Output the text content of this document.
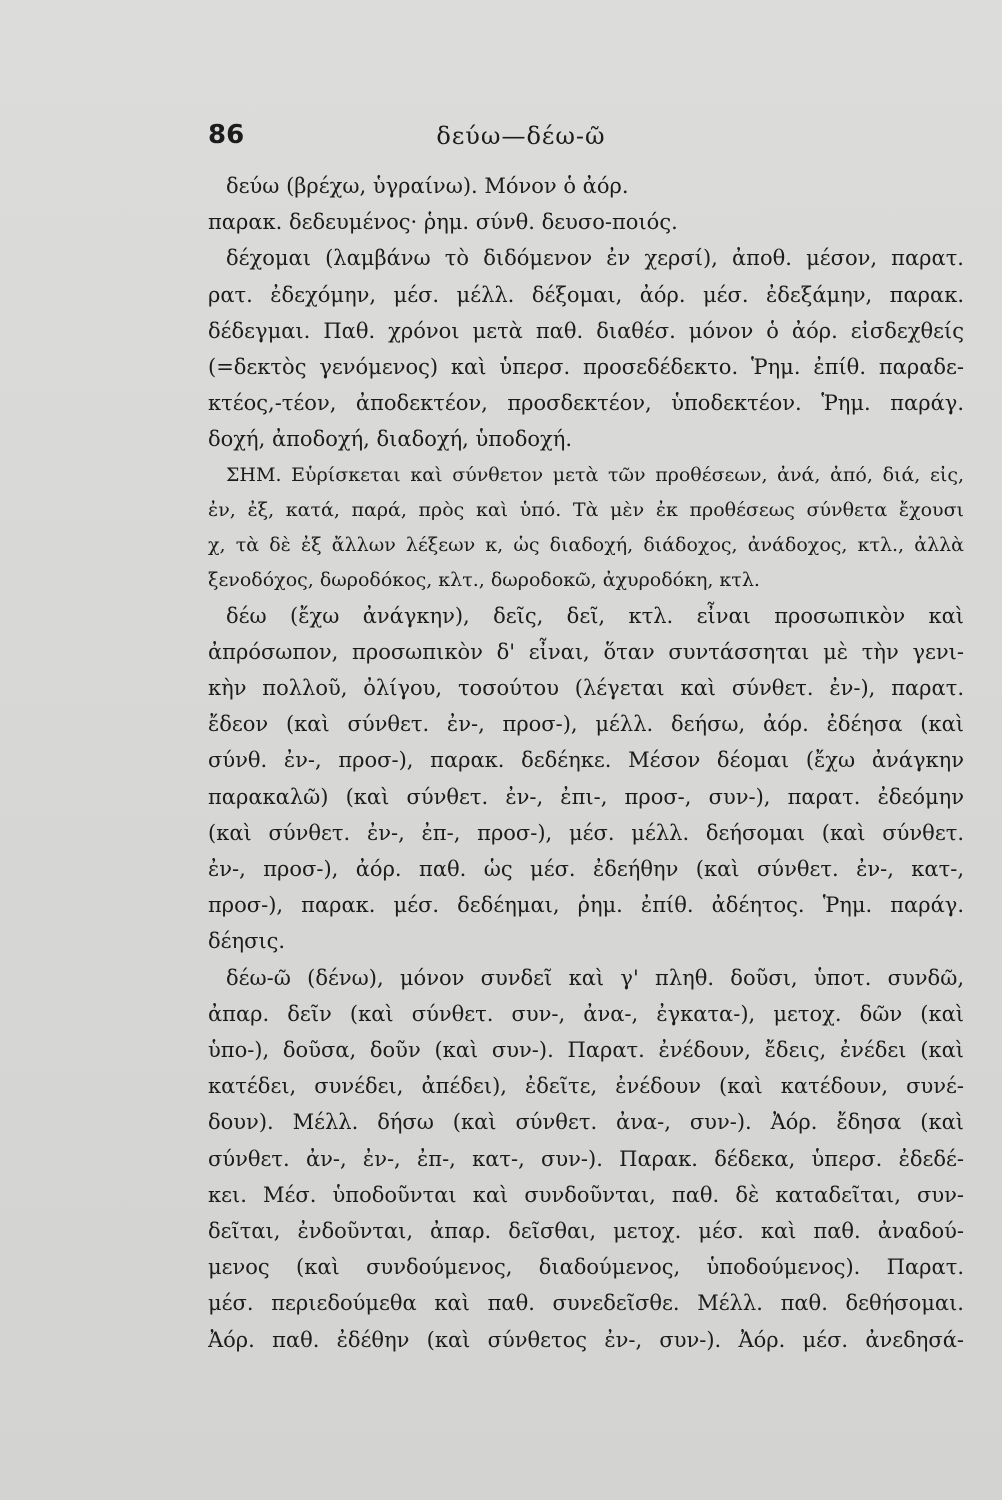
86	δεύω—δέω-ῶ
δεύω (βρέχω, ὑγραίνω). Μόνον ὁ ἀόρ.
παρακ. δεδευμένος· ῥημ. σύνθ. δευσο-ποιός.
δέχομαι (λαμβάνω τὸ διδόμενον ἐν χερσί), ἀποθ. μέσον, παρατ.
ρατ. ἐδεχόμην, μέσ. μέλλ. δέξομαι, ἀόρ. μέσ. ἐδεξάμην, παρακ.
δέδεγμαι. Παθ. χρόνοι μετὰ παθ. διαθέσ. μόνον ὁ ἀόρ. εἰσδεχθείς
(=δεκτὸς γενόμενος) καὶ ὑπερσ. προσεδέδεκτο. Ῥημ. ἐπίθ. παραδε-
κτέος,-τέον, ἀποδεκτέον, προσδεκτέον, ὑποδεκτέον. Ῥημ. παράγ.
δοχή, ἀποδοχή, διαδοχή, ὑποδοχή.
ΣΗΜ. Εὑρίσκεται καὶ σύνθετον μετὰ τῶν προθέσεων, ἀνά, ἀπό, διά, εἰς,
ἐν, ἐξ, κατά, παρά, πρὸς καὶ ὑπό. Τὰ μὲν ἐκ προθέσεως σύνθετα ἔχουσι
χ, τὰ δὲ ἐξ ἄλλων λέξεων κ, ὡς διαδοχή, διάδοχος, ἀνάδοχος, κτλ., ἀλλὰ
ξενοδόχος, δωροδόκος, κλτ., δωροδοκῶ, ἀχυροδόκη, κτλ.
δέω (ἔχω ἀνάγκην), δεῖς, δεῖ, κτλ. εἶναι προσωπικὸν καὶ
ἀπρόσωπον, προσωπικὸν δ' εἶναι, ὅταν συντάσσηται μὲ τὴν γενι-
κὴν πολλοῦ, ὀλίγου, τοσούτου (λέγεται καὶ σύνθετ. ἐν-), παρατ.
ἔδεον (καὶ σύνθετ. ἐν-, προσ-), μέλλ. δεήσω, ἀόρ. ἐδέησα (καὶ
σύνθ. ἐν-, προσ-), παρακ. δεδέηκε. Μέσον δέομαι (ἔχω ἀνάγκην
παρακαλῶ) (καὶ σύνθετ. ἐν-, ἐπι-, προσ-, συν-), παρατ. ἐδεόμην
(καὶ σύνθετ. ἐν-, ἐπ-, προσ-), μέσ. μέλλ. δεήσομαι (καὶ σύνθετ.
ἐν-, προσ-), ἀόρ. παθ. ὡς μέσ. ἐδεήθην (καὶ σύνθετ. ἐν-, κατ-,
προσ-), παρακ. μέσ. δεδέημαι, ῥημ. ἐπίθ. ἀδέητος. Ῥημ. παράγ.
δέησις.
δέω-ῶ (δένω), μόνον συνδεῖ καὶ γ' πληθ. δοῦσι, ὑποτ. συνδῶ,
ἀπαρ. δεῖν (καὶ σύνθετ. συν-, ἀνα-, ἐγκατα-), μετοχ. δῶν (καὶ
ὑπο-), δοῦσα, δοῦν (καὶ συν-). Παρατ. ἐνέδουν, ἔδεις, ἐνέδει (καὶ
κατέδει, συνέδει, ἀπέδει), ἐδεῖτε, ἐνέδουν (καὶ κατέδουν, συνέ-
δουν). Μέλλ. δήσω (καὶ σύνθετ. ἀνα-, συν-). Ἀόρ. ἔδησα (καὶ
σύνθετ. ἀν-, ἐν-, ἐπ-, κατ-, συν-). Παρακ. δέδεκα, ὑπερσ. ἐδεδέ-
κει. Μέσ. ὑποδοῦνται καὶ συνδοῦνται, παθ. δὲ καταδεῖται, συν-
δεῖται, ἐνδοῦνται, ἀπαρ. δεῖσθαι, μετοχ. μέσ. καὶ παθ. ἀναδού-
μενος (καὶ συνδούμενος, διαδούμενος, ὑποδούμενος). Παρατ.
μέσ. περιεδούμεθα καὶ παθ. συνεδεῖσθε. Μέλλ. παθ. δεθήσομαι.
Ἀόρ. παθ. ἐδέθην (καὶ σύνθετος ἐν-, συν-). Ἀόρ. μέσ. ἀνεδησά-
